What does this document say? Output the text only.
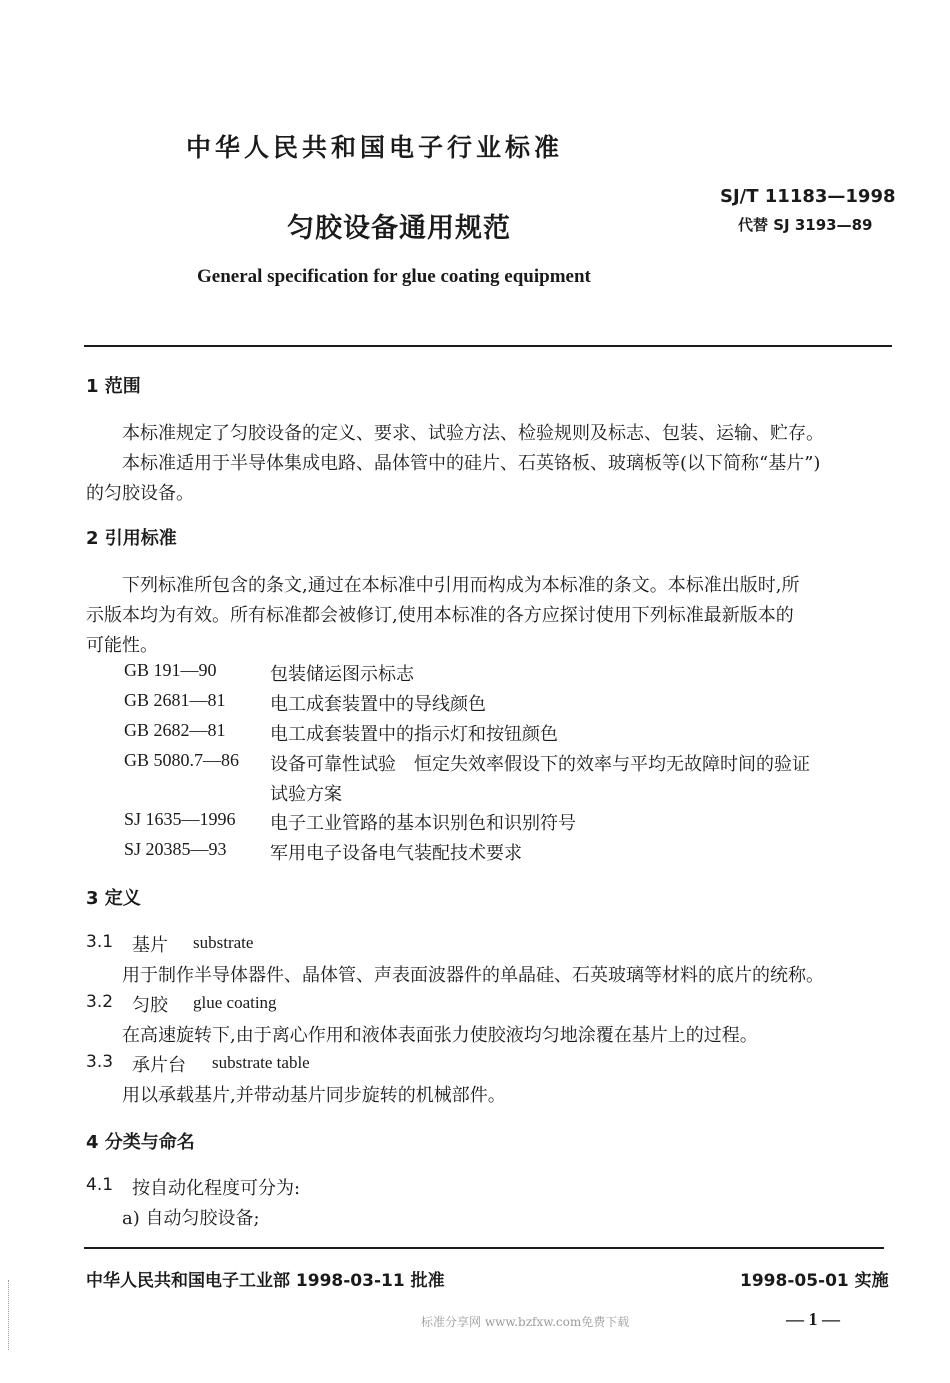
中华人民共和国电子行业标准
SJ/T 11183—1998
代替 SJ 3193—89
匀胶设备通用规范
General specification for glue coating equipment
1 范围
本标准规定了匀胶设备的定义、要求、试验方法、检验规则及标志、包装、运输、贮存。
本标准适用于半导体集成电路、晶体管中的硅片、石英铬板、玻璃板等(以下简称“基片”)
的匀胶设备。
2 引用标准
下列标准所包含的条文,通过在本标准中引用而构成为本标准的条文。本标准出版时,所
示版本均为有效。所有标准都会被修订,使用本标准的各方应探讨使用下列标准最新版本的
可能性。
GB 191—90	包装储运图示标志
GB 2681—81 电工成套装置中的导线颜色
GB 2682—81 电工成套装置中的指示灯和按钮颜色
GB 5080.7—86 设备可靠性试验　恒定失效率假设下的效率与平均无故障时间的验证
试验方案
SJ 1635—1996 电子工业管路的基本识别色和识别符号
SJ 20385—93 军用电子设备电气装配技术要求
3 定义
3.1 基片 substrate
用于制作半导体器件、晶体管、声表面波器件的单晶硅、石英玻璃等材料的底片的统称。
3.2 匀胶 glue coating
在高速旋转下,由于离心作用和液体表面张力使胶液均匀地涂覆在基片上的过程。
3.3 承片台 substrate table
用以承载基片,并带动基片同步旋转的机械部件。
4 分类与命名
4.1 按自动化程度可分为:
a) 自动匀胶设备;
中华人民共和国电子工业部 1998-03-11 批准	1998-05-01 实施
— 1 —
标准分享网 www.bzfxw.com免费下载
